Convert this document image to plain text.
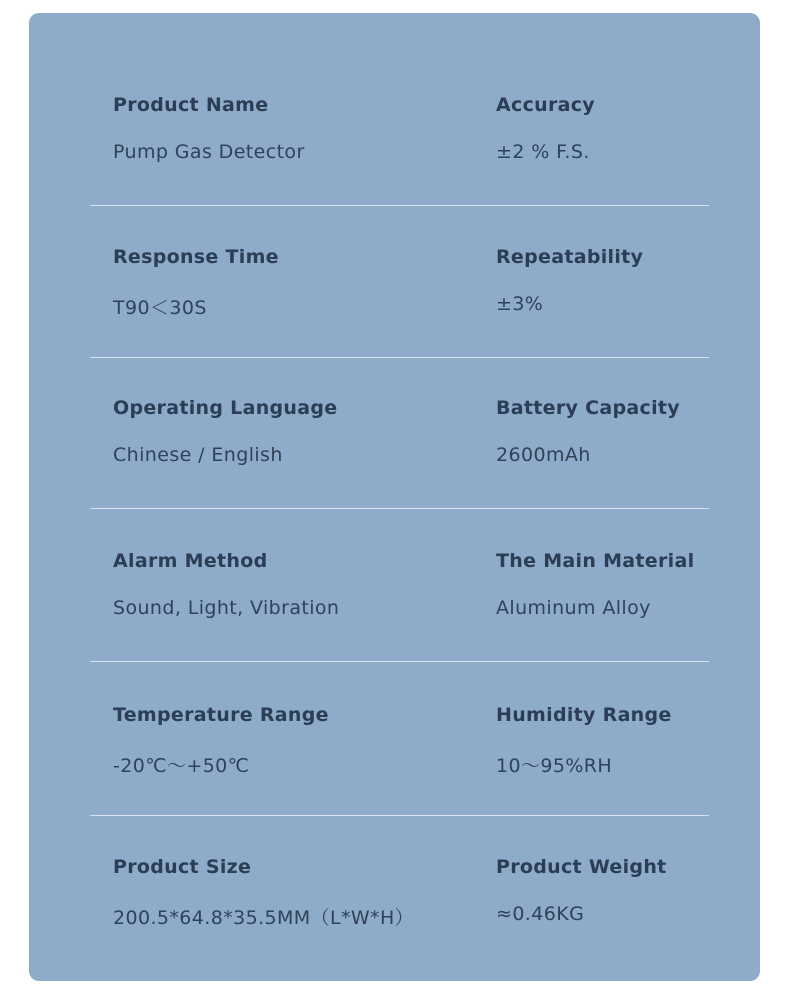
Product Name
Pump Gas Detector
Accuracy
±2 % F.S.
Response Time
T90＜30S
Repeatability
±3%
Operating Language
Chinese / English
Battery Capacity
2600mAh
Alarm Method
Sound, Light, Vibration
The Main Material
Aluminum Alloy
Temperature Range
-20℃～+50℃
Humidity Range
10～95%RH
Product Size
200.5*64.8*35.5MM（L*W*H）
Product Weight
≈0.46KG
